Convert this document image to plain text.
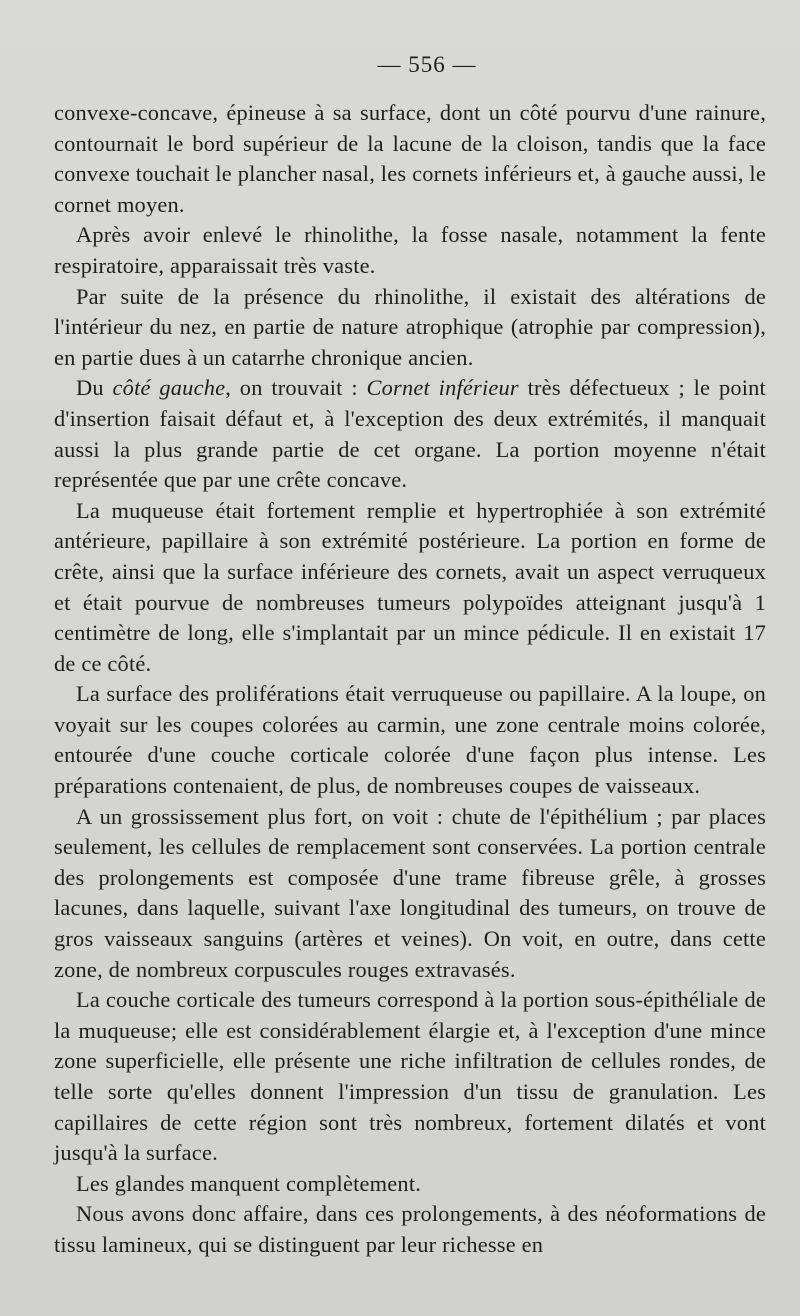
— 556 —

convexe-concave, épineuse à sa surface, dont un côté pourvu d'une rainure, contournait le bord supérieur de la lacune de la cloison, tandis que la face convexe touchait le plancher nasal, les cornets inférieurs et, à gauche aussi, le cornet moyen.

Après avoir enlevé le rhinolithe, la fosse nasale, notamment la fente respiratoire, apparaissait très vaste.

Par suite de la présence du rhinolithe, il existait des altérations de l'intérieur du nez, en partie de nature atrophique (atrophie par compression), en partie dues à un catarrhe chronique ancien.

Du côté gauche, on trouvait : Cornet inférieur très défectueux ; le point d'insertion faisait défaut et, à l'exception des deux extrémités, il manquait aussi la plus grande partie de cet organe. La portion moyenne n'était représentée que par une crête concave.

La muqueuse était fortement remplie et hypertrophiée à son extrémité antérieure, papillaire à son extrémité postérieure. La portion en forme de crête, ainsi que la surface inférieure des cornets, avait un aspect verruqueux et était pourvue de nombreuses tumeurs polypoïdes atteignant jusqu'à 1 centimètre de long, elle s'implantait par un mince pédicule. Il en existait 17 de ce côté.

La surface des proliférations était verruqueuse ou papillaire. A la loupe, on voyait sur les coupes colorées au carmin, une zone centrale moins colorée, entourée d'une couche corticale colorée d'une façon plus intense. Les préparations contenaient, de plus, de nombreuses coupes de vaisseaux.

A un grossissement plus fort, on voit : chute de l'épithélium ; par places seulement, les cellules de remplacement sont conservées. La portion centrale des prolongements est composée d'une trame fibreuse grêle, à grosses lacunes, dans laquelle, suivant l'axe longitudinal des tumeurs, on trouve de gros vaisseaux sanguins (artères et veines). On voit, en outre, dans cette zone, de nombreux corpuscules rouges extravasés.

La couche corticale des tumeurs correspond à la portion sous-épithéliale de la muqueuse; elle est considérablement élargie et, à l'exception d'une mince zone superficielle, elle présente une riche infiltration de cellules rondes, de telle sorte qu'elles donnent l'impression d'un tissu de granulation. Les capillaires de cette région sont très nombreux, fortement dilatés et vont jusqu'à la surface.

Les glandes manquent complètement.

Nous avons donc affaire, dans ces prolongements, à des néoformations de tissu lamineux, qui se distinguent par leur richesse en
